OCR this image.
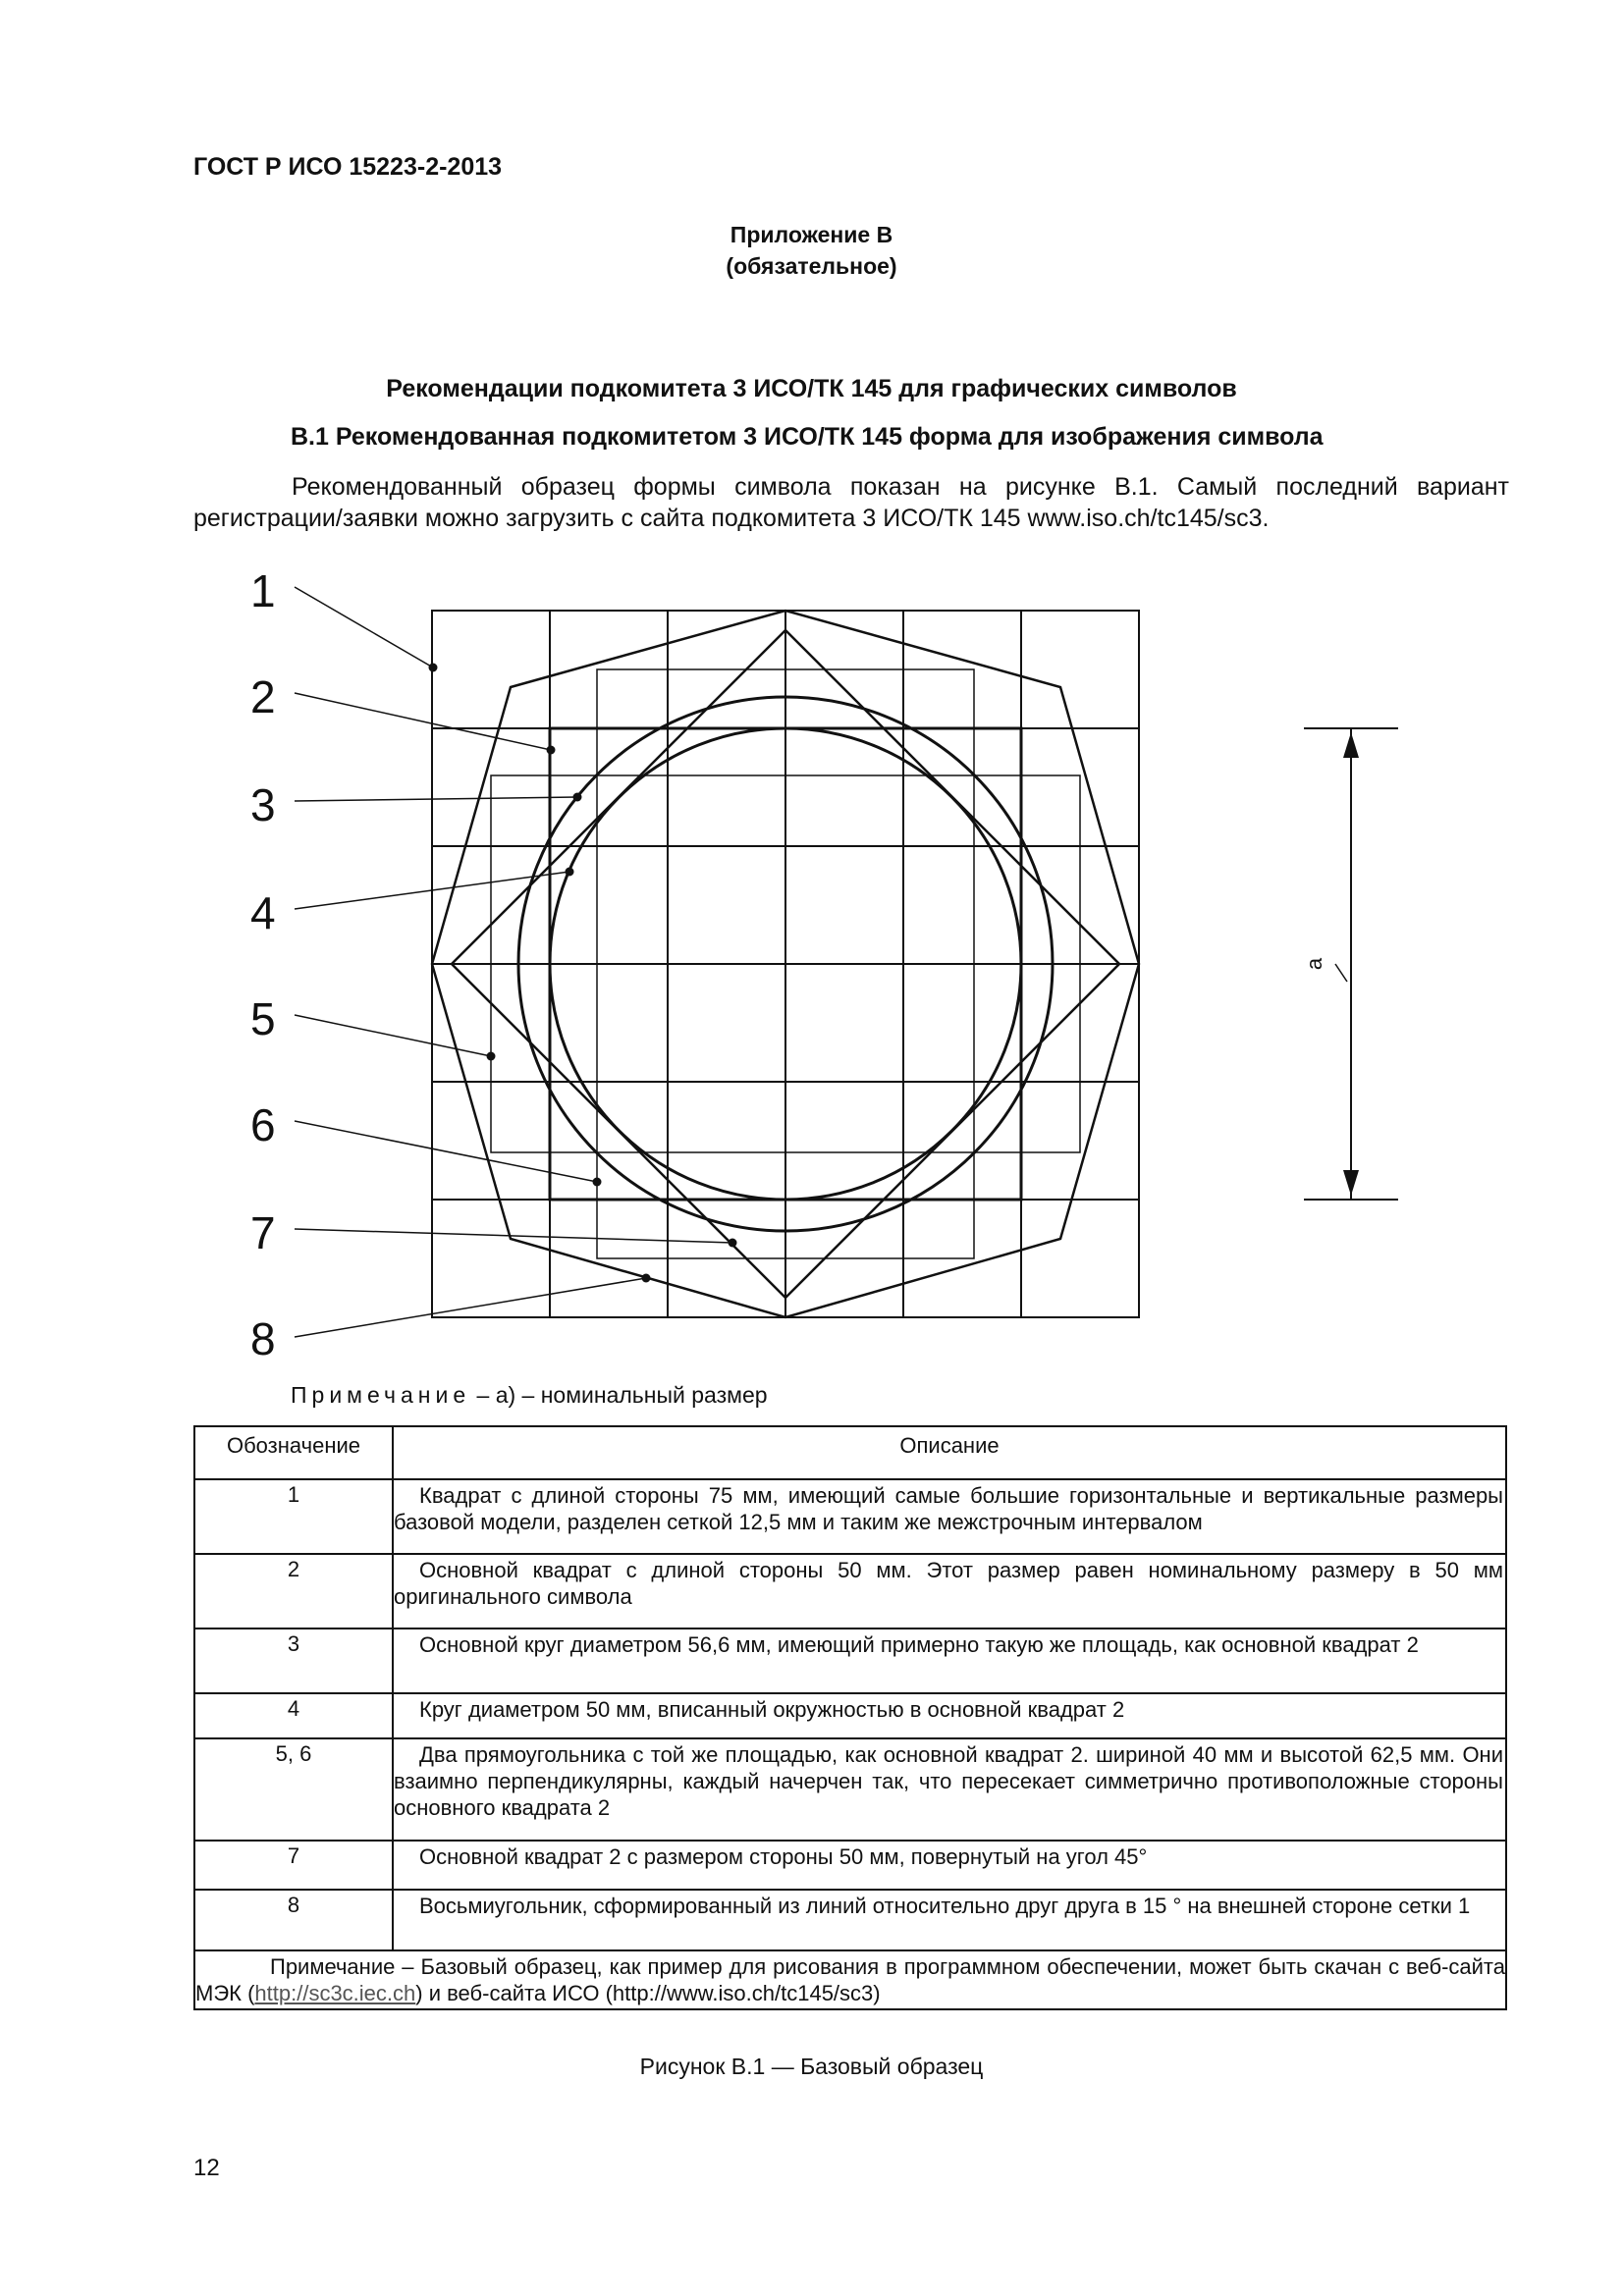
ГОСТ Р ИСО 15223-2-2013
Приложение В
(обязательное)
Рекомендации подкомитета 3 ИСО/ТК 145 для графических символов
В.1 Рекомендованная подкомитетом 3 ИСО/ТК 145 форма для изображения символа
Рекомендованный образец формы символа показан на рисунке В.1. Самый последний вариант регистрации/заявки можно загрузить с сайта подкомитета 3 ИСО/ТК 145 www.iso.ch/tc145/sc3.
1
2
3
4
5
6
7
8
а
Примечание – а) – номинальный размер
Обозначение	Описание
1	Квадрат с длиной стороны 75 мм, имеющий самые большие горизонтальные и вертикальные размеры базовой модели, разделен сеткой 12,5 мм и таким же межстрочным интервалом
2	Основной квадрат с длиной стороны 50 мм. Этот размер равен номинальному размеру в 50 мм оригинального символа
3	Основной круг диаметром 56,6 мм, имеющий примерно такую же площадь, как основной квадрат 2
4	Круг диаметром 50 мм, вписанный окружностью в основной квадрат 2
5, 6	Два прямоугольника с той же площадью, как основной квадрат 2. шириной 40 мм и высотой 62,5 мм. Они взаимно перпендикулярны, каждый начерчен так, что пересекает симметрично противоположные стороны основного квадрата 2
7	Основной квадрат 2 с размером стороны 50 мм, повернутый на угол 45°
8	Восьмиугольник, сформированный из линий относительно друг друга в 15 ° на внешней стороне сетки 1
Примечание – Базовый образец, как пример для рисования в программном обеспечении, может быть скачан с веб-сайта МЭК (http://sc3c.iec.ch) и веб-сайта ИСО (http://www.iso.ch/tc145/sc3)	
Рисунок В.1 — Базовый образец
12
